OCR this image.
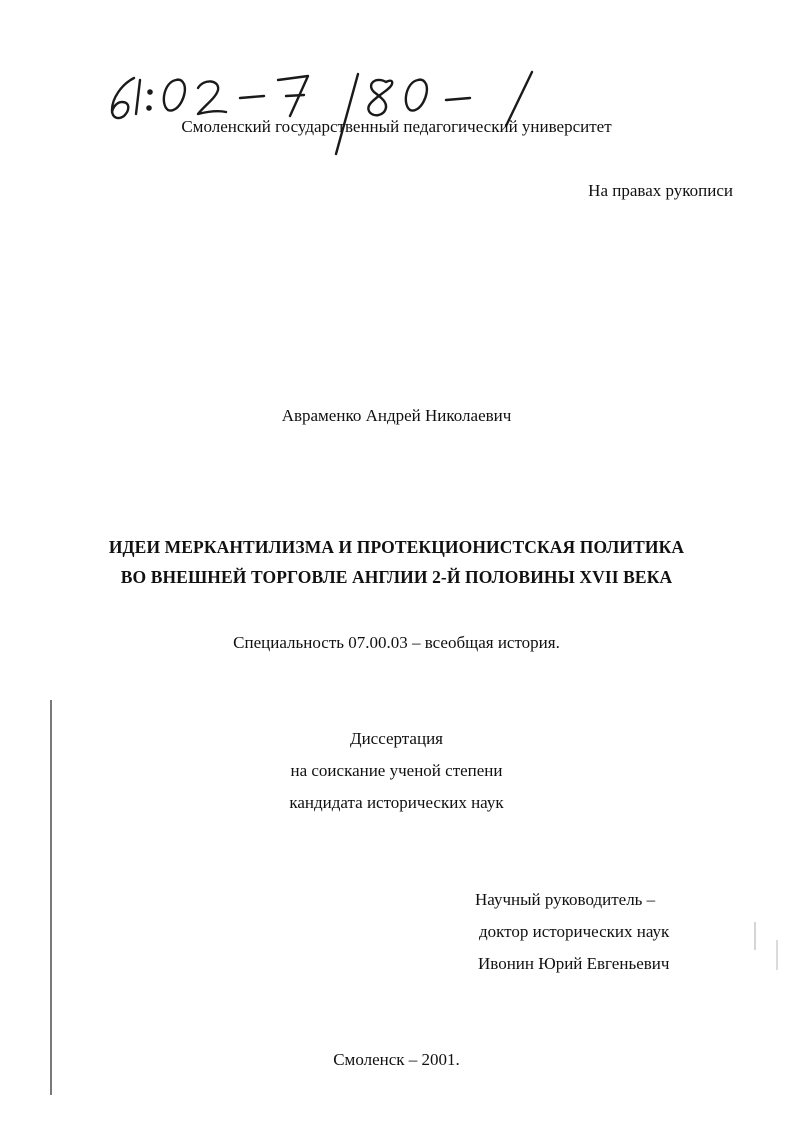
Смоленский государственный педагогический университет
На правах рукописи
Авраменко Андрей Николаевич
ИДЕИ МЕРКАНТИЛИЗМА И ПРОТЕКЦИОНИСТСКАЯ ПОЛИТИКА
ВО ВНЕШНЕЙ ТОРГОВЛЕ АНГЛИИ 2-Й ПОЛОВИНЫ XVII ВЕКА
Специальность 07.00.03 – всеобщая история.
Диссертация
на соискание ученой степени
кандидата исторических наук
Научный руководитель –
доктор исторических наук
Ивонин Юрий Евгеньевич
Смоленск – 2001.
